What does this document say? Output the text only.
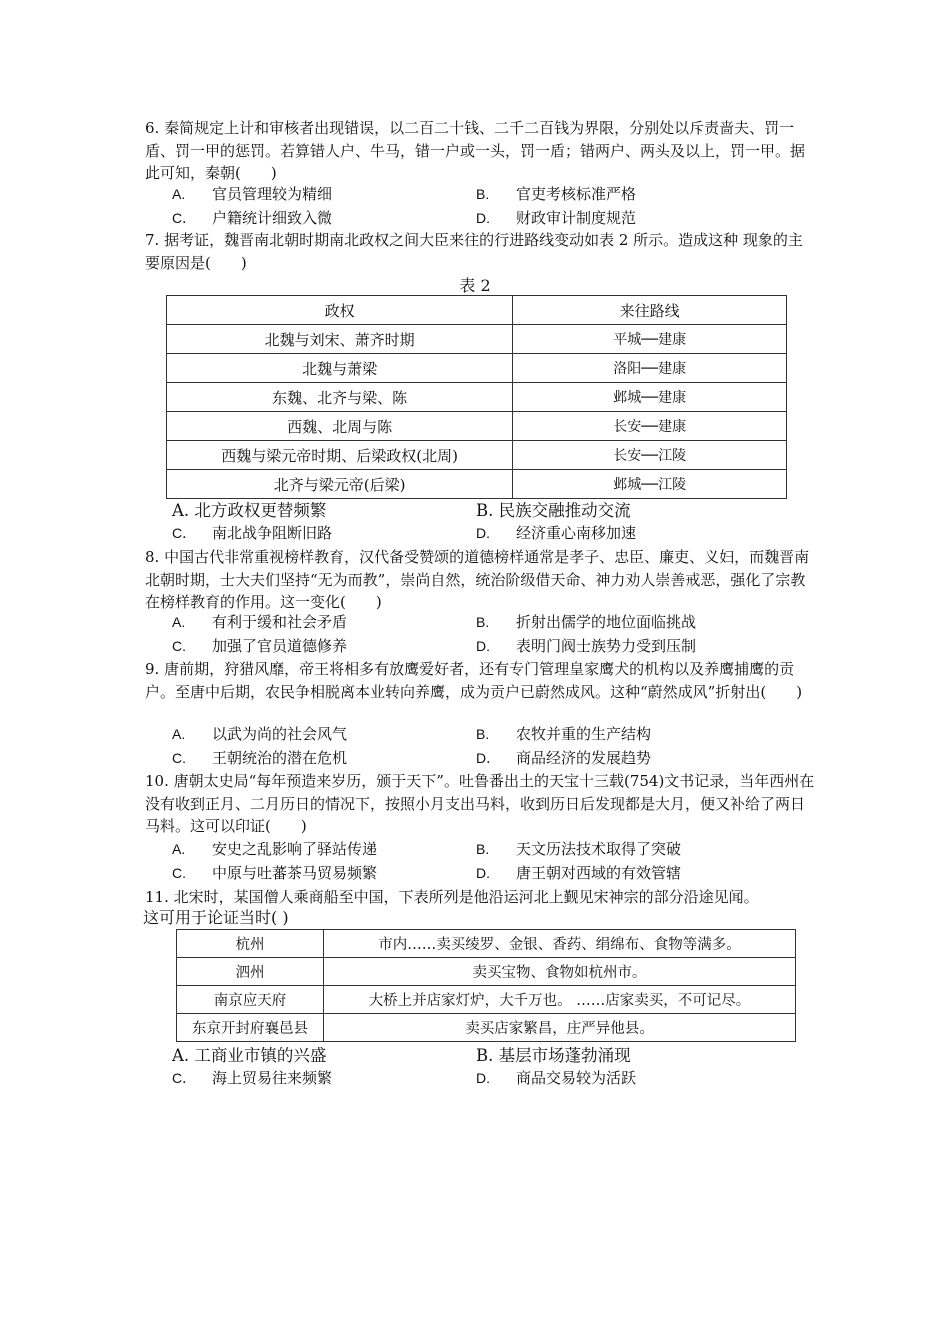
6. 秦简规定上计和审核者出现错误，以二百二十钱、二千二百钱为界限，分别处以斥责啬夫、罚一盾、罚一甲的惩罚。若算错人户、牛马，错一户或一头，罚一盾；错两户、两头及以上，罚一甲。据此可知，秦朝(　　)
A. 官员管理较为精细	B. 官吏考核标准严格
C． 户籍统计细致入微	D. 财政审计制度规范
7. 据考证，魏晋南北朝时期南北政权之间大臣来往的行进路线变动如表 2 所示。造成这种 现象的主要原因是(　　)
表 2
政权	来往路线
北魏与刘宋、萧齐时期	平城──建康
北魏与萧梁	洛阳──建康
东魏、北齐与梁、陈	邺城──建康
西魏、北周与陈	长安──建康
西魏与梁元帝时期、后梁政权(北周)	长安──江陵
北齐与梁元帝(后梁)	邺城──江陵
A. 北方政权更替频繁	B. 民族交融推动交流
C． 南北战争阻断旧路	D. 经济重心南移加速
8. 中国古代非常重视榜样教育，汉代备受赞颂的道德榜样通常是孝子、忠臣、廉吏、义妇，而魏晋南北朝时期，士大夫们坚持“无为而教”，崇尚自然，统治阶级借天命、神力劝人崇善戒恶，强化了宗教在榜样教育的作用。这一变化(　　)
A. 有利于缓和社会矛盾	B. 折射出儒学的地位面临挑战
C. 加强了官员道德修养	D. 表明门阀士族势力受到压制
9. 唐前期，狩猎风靡，帝王将相多有放鹰爱好者，还有专门管理皇家鹰犬的机构以及养鹰捕鹰的贡户。至唐中后期，农民争相脱离本业转向养鹰，成为贡户已蔚然成风。这种“蔚然成风”折射出(　　)
A. 以武为尚的社会风气	B. 农牧并重的生产结构
C. 王朝统治的潜在危机	D． 商品经济的发展趋势
10. 唐朝太史局“每年预造来岁历，颁于天下”。吐鲁番出土的天宝十三载(754)文书记录，当年西州在没有收到正月、二月历日的情况下，按照小月支出马料，收到历日后发现都是大月，便又补给了两日马料。这可以印证(　　)
A. 安史之乱影响了驿站传递	B. 天文历法技术取得了突破
C. 中原与吐蕃茶马贸易频繁	D. 唐王朝对西域的有效管辖
11. 北宋时，某国僧人乘商船至中国，下表所列是他沿运河北上觐见宋神宗的部分沿途见闻。
这可用于论证当时( )
杭州	市内……卖买绫罗、金银、香药、绢绵布、食物等满多。
泗州	卖买宝物、食物如杭州市。
南京应天府	大桥上并店家灯炉，大千万也。 ……店家卖买，不可记尽。
东京开封府襄邑县	卖买店家繁昌，庄严异他县。
A. 工商业市镇的兴盛	B. 基层市场蓬勃涌现
C． 海上贸易往来频繁	D. 商品交易较为活跃
